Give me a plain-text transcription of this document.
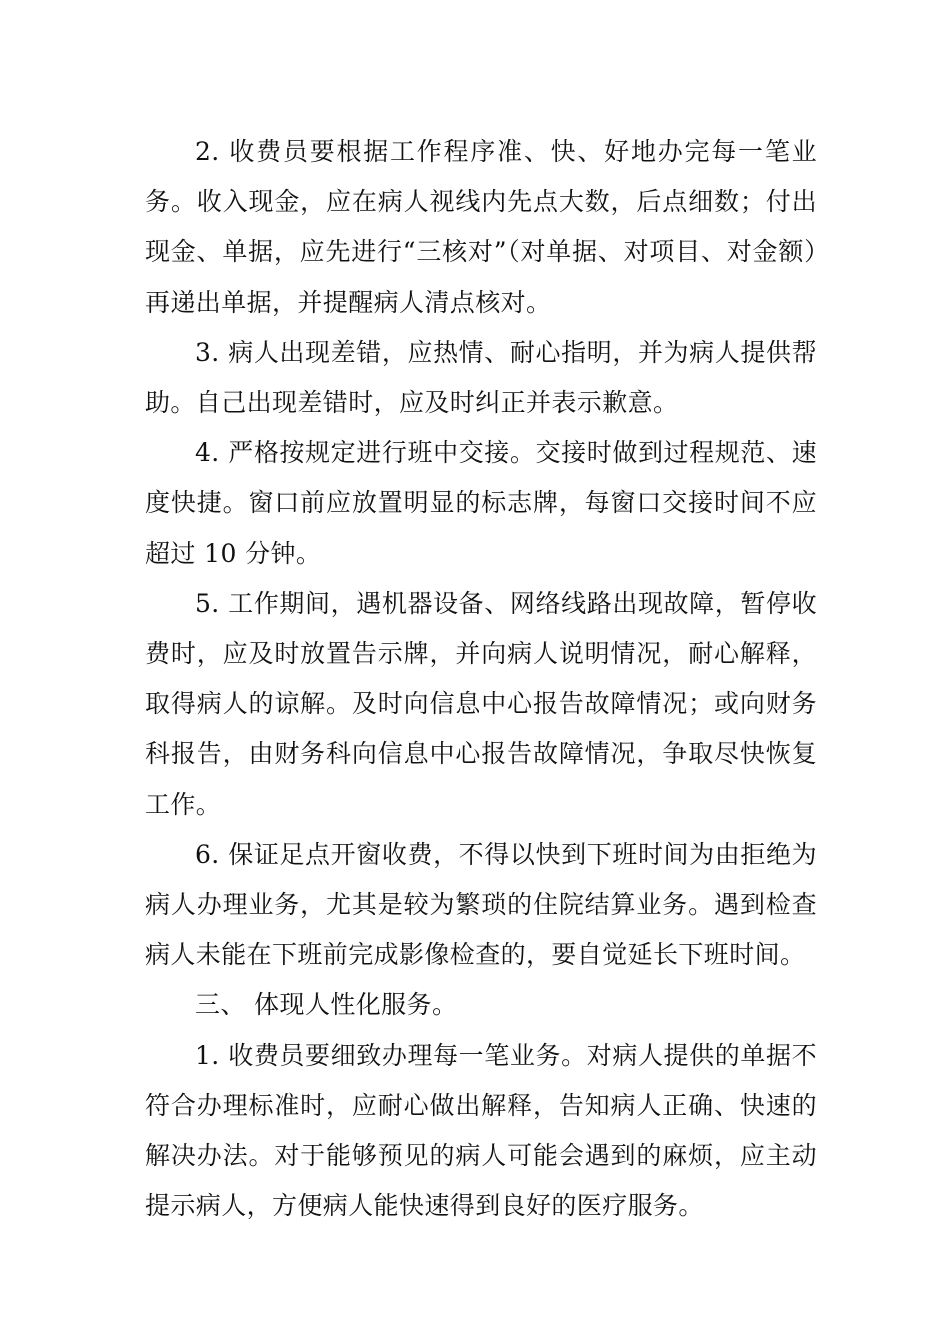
2. 收费员要根据工作程序准、快、好地办完每一笔业务。收入现金，应在病人视线内先点大数，后点细数；付出现金、单据，应先进行“三核对”（对单据、对项目、对金额）再递出单据，并提醒病人清点核对。

3. 病人出现差错，应热情、耐心指明，并为病人提供帮助。自己出现差错时，应及时纠正并表示歉意。

4. 严格按规定进行班中交接。交接时做到过程规范、速度快捷。窗口前应放置明显的标志牌，每窗口交接时间不应超过 10 分钟。

5. 工作期间，遇机器设备、网络线路出现故障，暂停收费时，应及时放置告示牌，并向病人说明情况，耐心解释，取得病人的谅解。及时向信息中心报告故障情况；或向财务科报告，由财务科向信息中心报告故障情况，争取尽快恢复工作。

6. 保证足点开窗收费，不得以快到下班时间为由拒绝为病人办理业务，尤其是较为繁琐的住院结算业务。遇到检查病人未能在下班前完成影像检查的，要自觉延长下班时间。

三、 体现人性化服务。

1. 收费员要细致办理每一笔业务。对病人提供的单据不符合办理标准时，应耐心做出解释，告知病人正确、快速的解决办法。对于能够预见的病人可能会遇到的麻烦，应主动提示病人，方便病人能快速得到良好的医疗服务。
